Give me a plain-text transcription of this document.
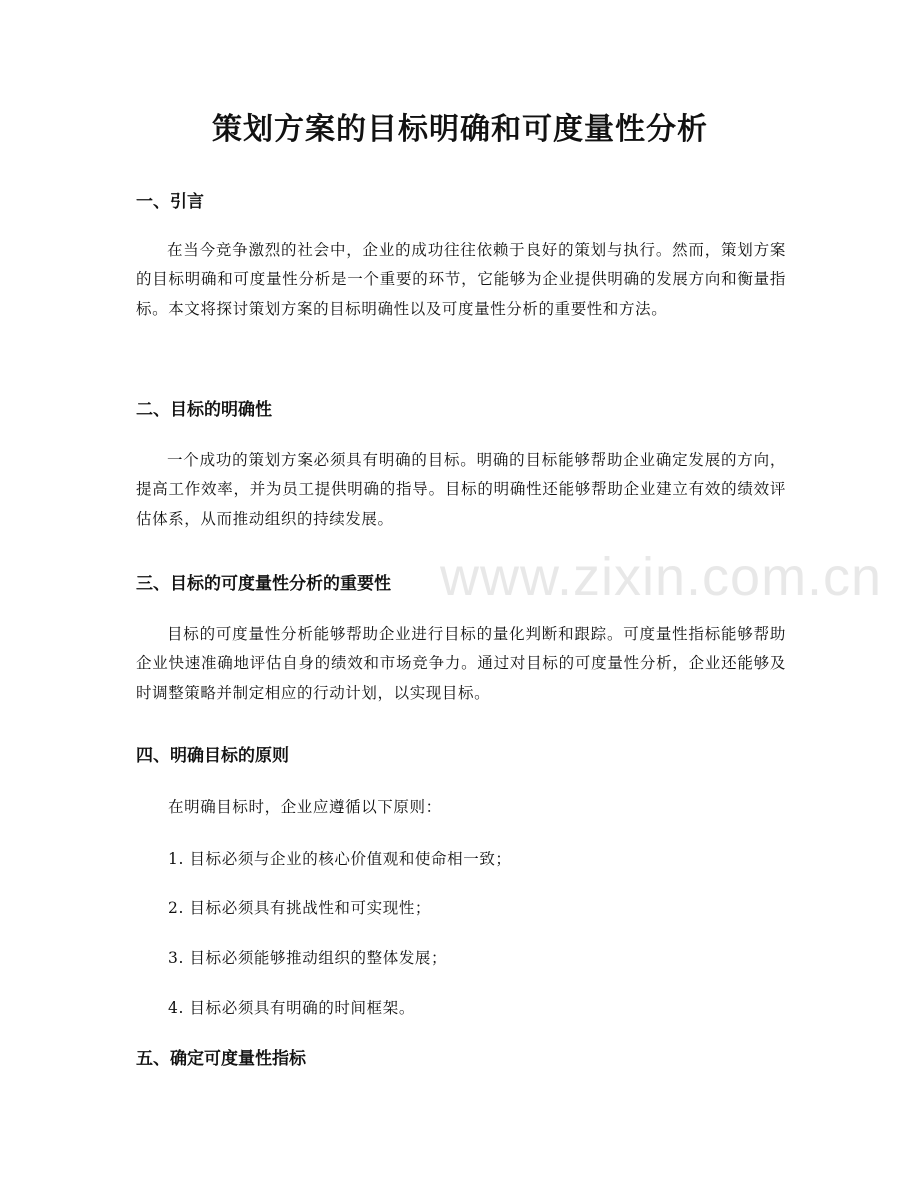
www.zixin.com.cn
策划方案的目标明确和可度量性分析
一、引言

在当今竞争激烈的社会中，企业的成功往往依赖于良好的策划与执行。然而，策划方案的目标明确和可度量性分析是一个重要的环节，它能够为企业提供明确的发展方向和衡量指标。本文将探讨策划方案的目标明确性以及可度量性分析的重要性和方法。

二、目标的明确性

一个成功的策划方案必须具有明确的目标。明确的目标能够帮助企业确定发展的方向，提高工作效率，并为员工提供明确的指导。目标的明确性还能够帮助企业建立有效的绩效评估体系，从而推动组织的持续发展。

三、目标的可度量性分析的重要性

目标的可度量性分析能够帮助企业进行目标的量化判断和跟踪。可度量性指标能够帮助企业快速准确地评估自身的绩效和市场竞争力。通过对目标的可度量性分析，企业还能够及时调整策略并制定相应的行动计划，以实现目标。

四、明确目标的原则

在明确目标时，企业应遵循以下原则：

1. 目标必须与企业的核心价值观和使命相一致；

2. 目标必须具有挑战性和可实现性；

3. 目标必须能够推动组织的整体发展；

4. 目标必须具有明确的时间框架。

五、确定可度量性指标
